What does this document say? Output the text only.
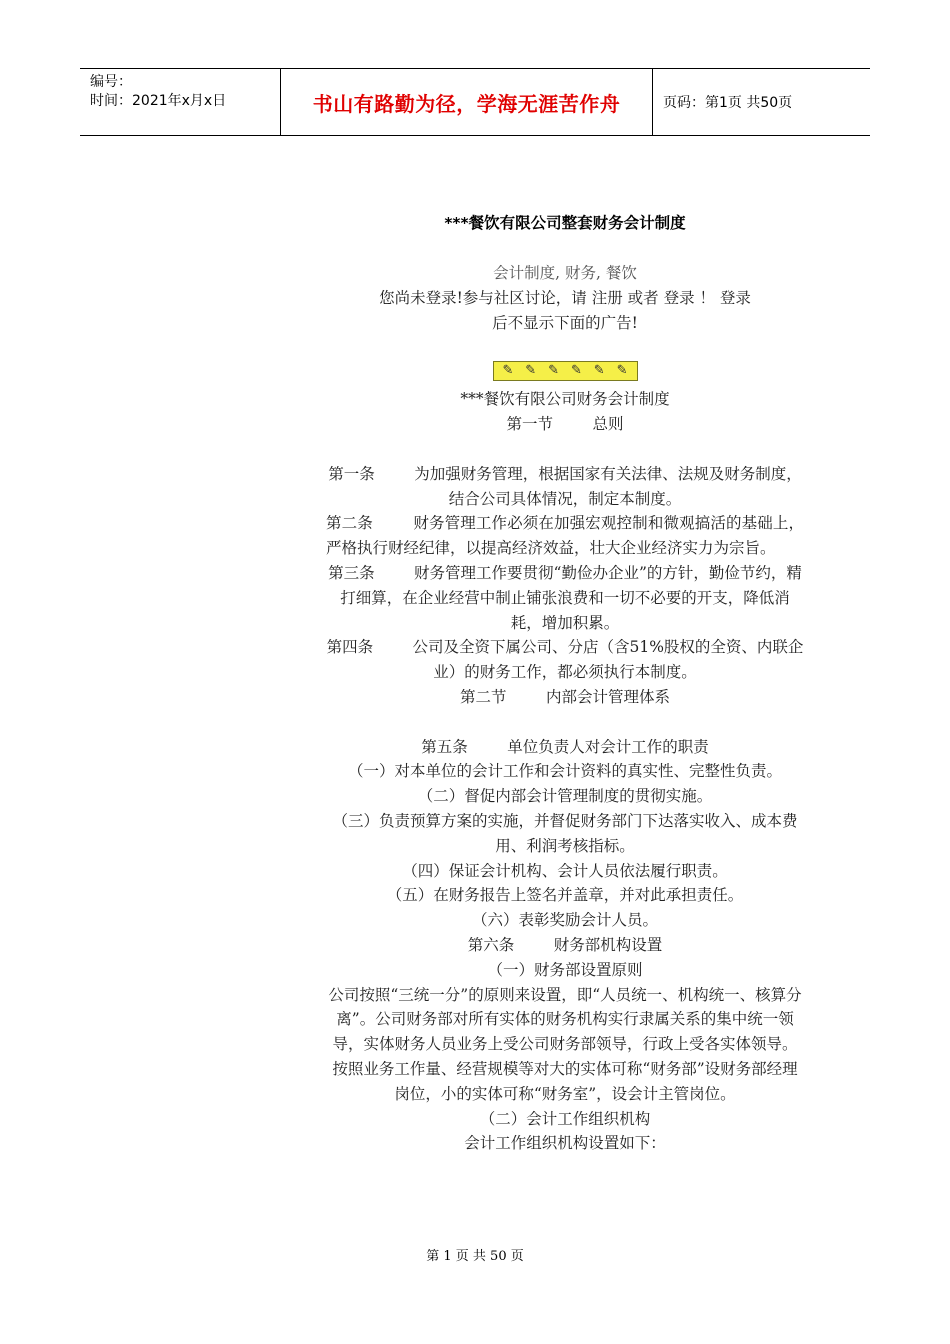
编号：
时间：2021年x月x日	书山有路勤为径，学海无涯苦作舟	页码：第1页 共50页
***餐饮有限公司整套财务会计制度
会计制度, 财务, 餐饮
您尚未登录!参与社区讨论，请 注册 或者 登录 ！ 登录
后不显示下面的广告!
✎ ✎ ✎ ✎ ✎ ✎
***餐饮有限公司财务会计制度
第一节        总则
第一条        为加强财务管理，根据国家有关法律、法规及财务制度，结合公司具体情况，制定本制度。
第二条        财务管理工作必须在加强宏观控制和微观搞活的基础上，严格执行财经纪律，以提高经济效益，壮大企业经济实力为宗旨。
第三条        财务管理工作要贯彻“勤俭办企业”的方针，勤俭节约，精打细算，在企业经营中制止铺张浪费和一切不必要的开支，降低消耗，增加积累。
第四条        公司及全资下属公司、分店（含51%股权的全资、内联企业）的财务工作，都必须执行本制度。
第二节        内部会计管理体系
第五条        单位负责人对会计工作的职责
（一）对本单位的会计工作和会计资料的真实性、完整性负责。
（二）督促内部会计管理制度的贯彻实施。
（三）负责预算方案的实施，并督促财务部门下达落实收入、成本费用、利润考核指标。
（四）保证会计机构、会计人员依法履行职责。
（五）在财务报告上签名并盖章，并对此承担责任。
（六）表彰奖励会计人员。
第六条        财务部机构设置
（一）财务部设置原则
公司按照“三统一分”的原则来设置，即“人员统一、机构统一、核算分离”。公司财务部对所有实体的财务机构实行隶属关系的集中统一领导，实体财务人员业务上受公司财务部领导，行政上受各实体领导。按照业务工作量、经营规模等对大的实体可称“财务部”设财务部经理岗位，小的实体可称“财务室”，设会计主管岗位。
（二）会计工作组织机构
会计工作组织机构设置如下：
第 1 页 共 50 页
